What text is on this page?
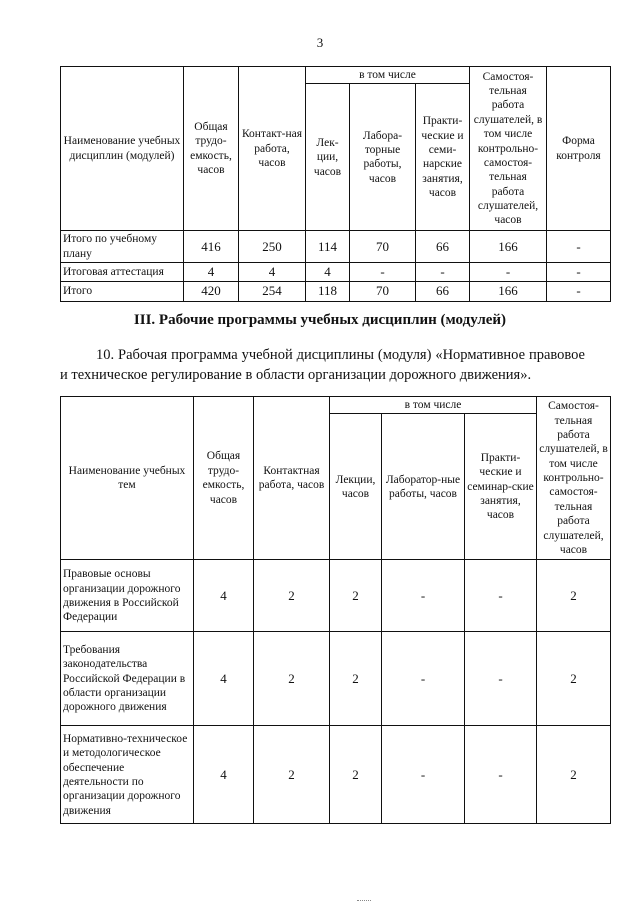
3
Наименование учебных дисциплин (модулей)	Общая трудо-емкость, часов	Контакт-ная работа, часов	в том числе			Самостоя-тельная работа слушателей, в том числе контрольно-самостоя-тельная работа слушателей, часов	Форма контроля
			Лек-ции, часов	Лабора-торные работы, часов	Практи-ческие и семи-нарские занятия, часов		
Итого по учебному плану	416	250	114	70	66	166	-
Итоговая аттестация	4	4	4	-	-	-	-
Итого	420	254	118	70	66	166	-
III. Рабочие программы учебных дисциплин (модулей)
10. Рабочая программа учебной дисциплины (модуля) «Нормативное правовое и техническое регулирование в области организации дорожного движения».
Наименование учебных тем	Общая трудо-емкость, часов	Контактная работа, часов	в том числе			Самостоя-тельная работа слушателей, в том числе контрольно-самостоя-тельная работа слушателей, часов
			Лекции, часов	Лаборатор-ные работы, часов	Практи-ческие и семинар-ские занятия, часов	
Правовые основы организации дорожного движения в Российской Федерации	4	2	2	-	-	2
Требования законодательства Российской Федерации в области организации дорожного движения	4	2	2	-	-	2
Нормативно-техническое и методологическое обеспечение деятельности по организации дорожного движения	4	2	2	-	-	2
